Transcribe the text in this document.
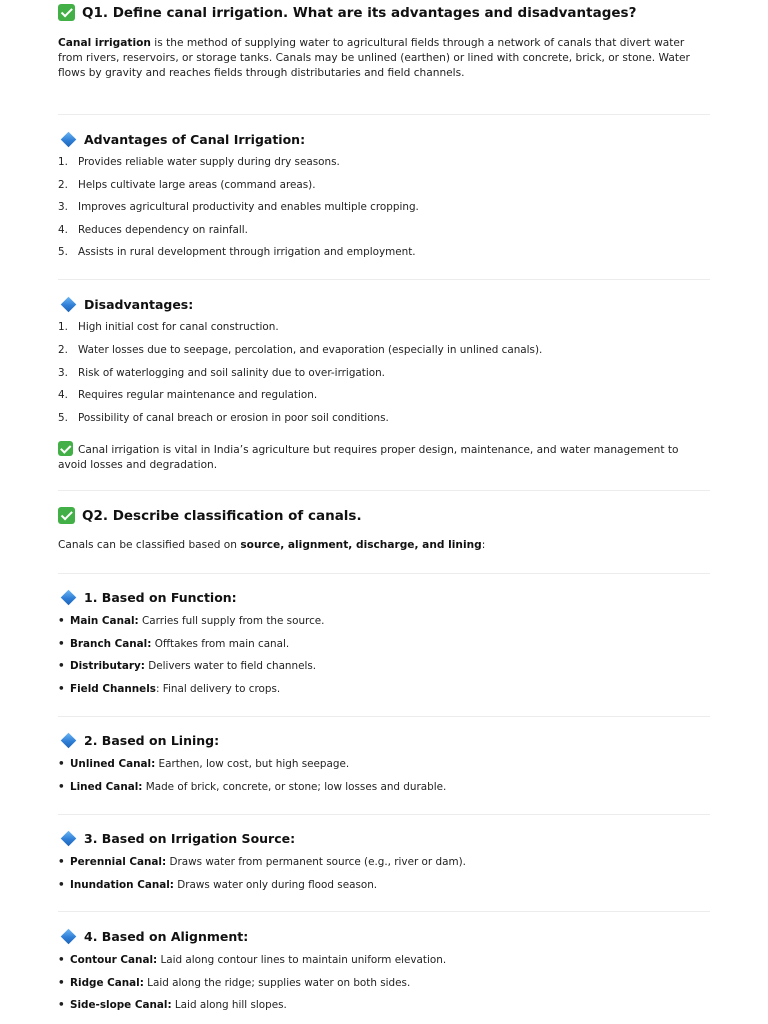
Q1. Define canal irrigation. What are its advantages and disadvantages?

Canal irrigation is the method of supplying water to agricultural fields through a network of canals that divert water from rivers, reservoirs, or storage tanks. Canals may be unlined (earthen) or lined with concrete, brick, or stone. Water flows by gravity and reaches fields through distributaries and field channels.

Advantages of Canal Irrigation:
1. Provides reliable water supply during dry seasons.
2. Helps cultivate large areas (command areas).
3. Improves agricultural productivity and enables multiple cropping.
4. Reduces dependency on rainfall.
5. Assists in rural development through irrigation and employment.
Disadvantages:
1. High initial cost for canal construction.
2. Water losses due to seepage, percolation, and evaporation (especially in unlined canals).
3. Risk of waterlogging and soil salinity due to over-irrigation.
4. Requires regular maintenance and regulation.
5. Possibility of canal breach or erosion in poor soil conditions.

Canal irrigation is vital in India’s agriculture but requires proper design, maintenance, and water management to avoid losses and degradation.

Q2. Describe classification of canals.

Canals can be classified based on source, alignment, discharge, and lining:

1. Based on Function:
• Main Canal: Carries full supply from the source.
• Branch Canal: Offtakes from main canal.
• Distributary: Delivers water to field channels.
• Field Channels: Final delivery to crops.
2. Based on Lining:
• Unlined Canal: Earthen, low cost, but high seepage.
• Lined Canal: Made of brick, concrete, or stone; low losses and durable.
3. Based on Irrigation Source:
• Perennial Canal: Draws water from permanent source (e.g., river or dam).
• Inundation Canal: Draws water only during flood season.
4. Based on Alignment:
• Contour Canal: Laid along contour lines to maintain uniform elevation.
• Ridge Canal: Laid along the ridge; supplies water on both sides.
• Side-slope Canal: Laid along hill slopes.
